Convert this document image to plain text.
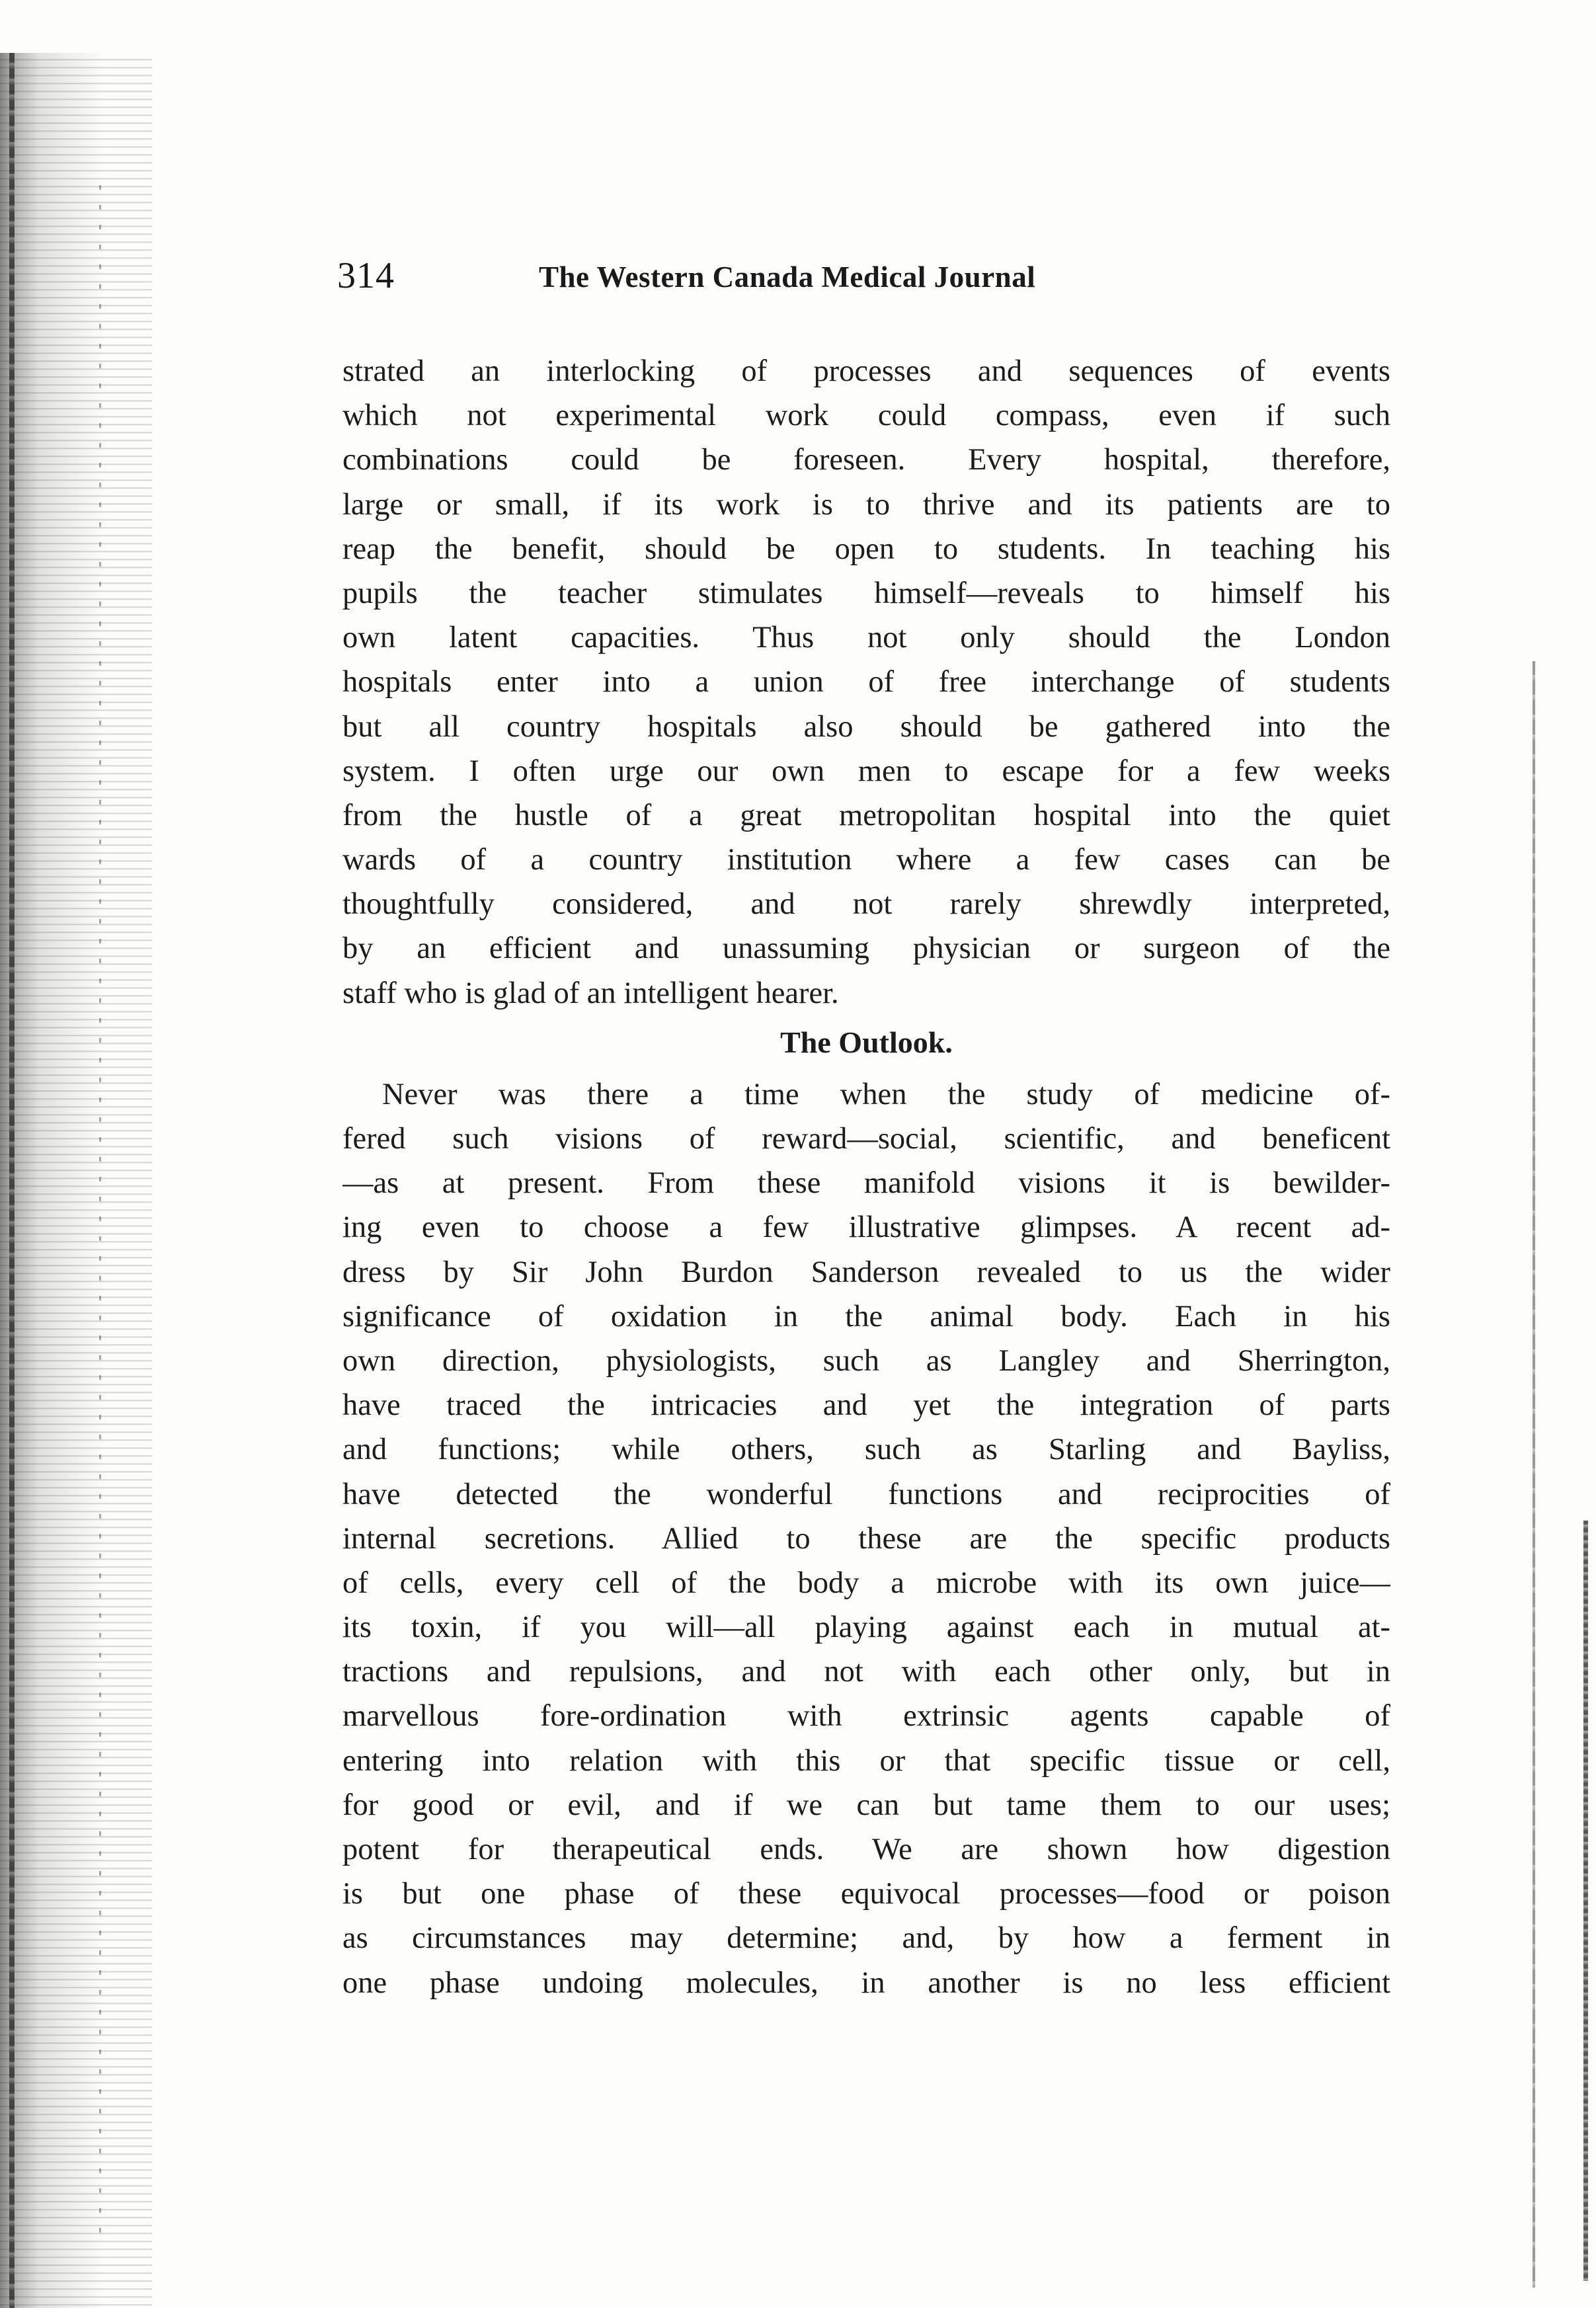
314	The Western Canada Medical Journal
strated an interlocking of processes and sequences of events
which not experimental work could compass, even if such
combinations could be foreseen. Every hospital, therefore,
large or small, if its work is to thrive and its patients are to
reap the benefit, should be open to students. In teaching his
pupils the teacher stimulates himself—reveals to himself his
own latent capacities. Thus not only should the London
hospitals enter into a union of free interchange of students
but all country hospitals also should be gathered into the
system. I often urge our own men to escape for a few weeks
from the hustle of a great metropolitan hospital into the quiet
wards of a country institution where a few cases can be
thoughtfully considered, and not rarely shrewdly interpreted,
by an efficient and unassuming physician or surgeon of the
staff who is glad of an intelligent hearer.
The Outlook.
Never was there a time when the study of medicine of-
fered such visions of reward—social, scientific, and beneficent
—as at present. From these manifold visions it is bewilder-
ing even to choose a few illustrative glimpses. A recent ad-
dress by Sir John Burdon Sanderson revealed to us the wider
significance of oxidation in the animal body. Each in his
own direction, physiologists, such as Langley and Sherrington,
have traced the intricacies and yet the integration of parts
and functions; while others, such as Starling and Bayliss,
have detected the wonderful functions and reciprocities of
internal secretions. Allied to these are the specific products
of cells, every cell of the body a microbe with its own juice—
its toxin, if you will—all playing against each in mutual at-
tractions and repulsions, and not with each other only, but in
marvellous fore-ordination with extrinsic agents capable of
entering into relation with this or that specific tissue or cell,
for good or evil, and if we can but tame them to our uses;
potent for therapeutical ends. We are shown how digestion
is but one phase of these equivocal processes—food or poison
as circumstances may determine; and, by how a ferment in
one phase undoing molecules, in another is no less efficient
